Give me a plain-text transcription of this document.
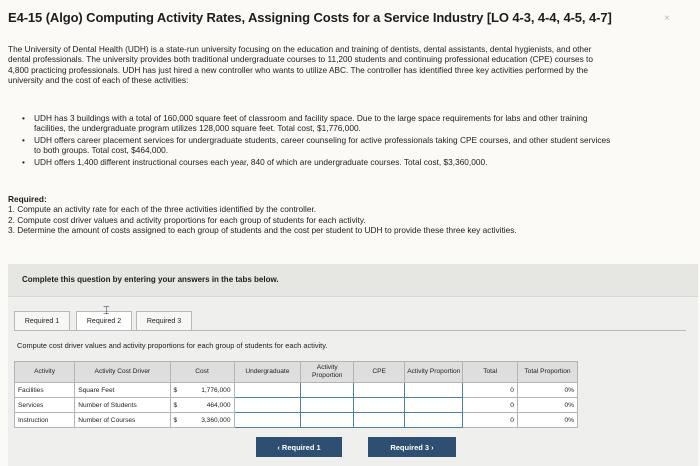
E4-15 (Algo) Computing Activity Rates, Assigning Costs for a Service Industry [LO 4-3, 4-4, 4-5, 4-7]	×
The University of Dental Health (UDH) is a state-run university focusing on the education and training of dentists, dental assistants, dental hygienists, and other dental professionals. The university provides both traditional undergraduate courses to 11,200 students and continuing professional education (CPE) courses to 4,800 practicing professionals. UDH has just hired a new controller who wants to utilize ABC. The controller has identified three key activities performed by the university and the cost of each of these activities:
• UDH has 3 buildings with a total of 160,000 square feet of classroom and facility space. Due to the large space requirements for labs and other training facilities, the undergraduate program utilizes 128,000 square feet. Total cost, $1,776,000.
• UDH offers career placement services for undergraduate students, career counseling for active professionals taking CPE courses, and other student services to both groups. Total cost, $464,000.
• UDH offers 1,400 different instructional courses each year, 840 of which are undergraduate courses. Total cost, $3,360,000.
Required:
1. Compute an activity rate for each of the three activities identified by the controller.
2. Compute cost driver values and activity proportions for each group of students for each activity.
3. Determine the amount of costs assigned to each group of students and the cost per student to UDH to provide these three key activities.
Complete this question by entering your answers in the tabs below.
Required 1	Required 2	Required 3
⌶
Compute cost driver values and activity proportions for each group of students for each activity.
Activity	Activity Cost Driver	Cost	Undergraduate	Activity Proportion	CPE	Activity Proportion	Total	Total Proportion
Facilities	Square Feet	$ 1,776,000					0	0%
Services	Number of Students	$ 464,000					0	0%
Instruction	Number of Courses	$ 3,360,000					0	0%
‹ Required 1	Required 3 ›
